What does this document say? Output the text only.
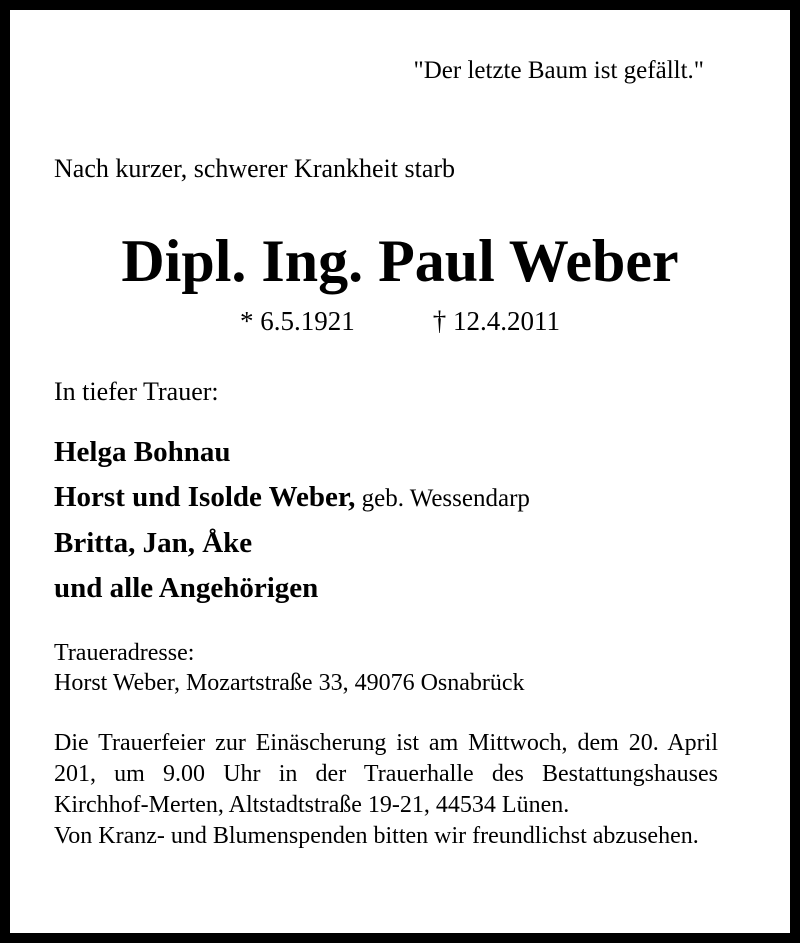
"Der letzte Baum ist gefällt."
Nach kurzer, schwerer Krankheit starb
Dipl. Ing. Paul Weber
* 6.5.1921	† 12.4.2011
In tiefer Trauer:
Helga Bohnau
Horst und Isolde Weber, geb. Wessendarp
Britta, Jan, Åke
und alle Angehörigen
Traueradresse:
Horst Weber, Mozartstraße 33, 49076 Osnabrück

Die Trauerfeier zur Einäscherung ist am Mittwoch, dem 20. April 201, um 9.00 Uhr in der Trauerhalle des Bestattungshauses Kirchhof-Merten, Altstadtstraße 19-21, 44534 Lünen.

Von Kranz- und Blumenspenden bitten wir freundlichst abzusehen.
